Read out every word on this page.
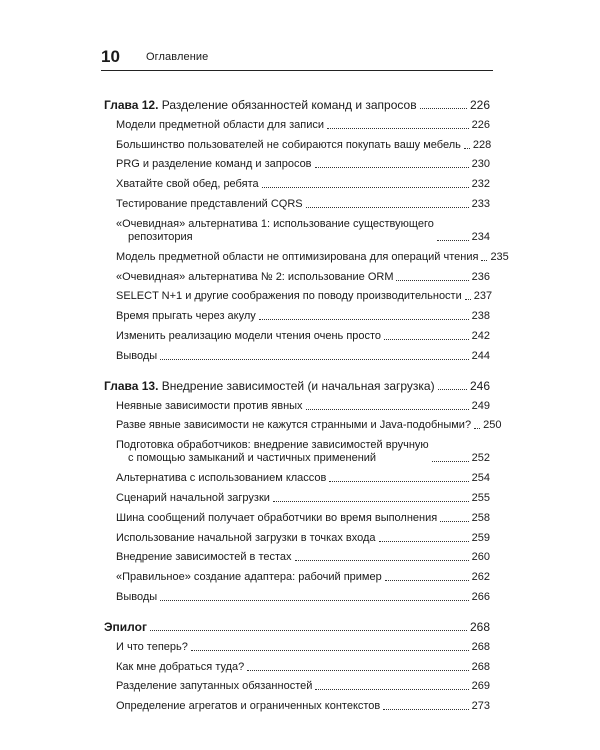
10 Оглавление
Глава 12. Разделение обязанностей команд и запросов	226
Модели предметной области для записи	226
Большинство пользователей не собираются покупать вашу мебель 228
PRG и разделение команд и запросов	230
Хватайте свой обед, ребята	232
Тестирование представлений CQRS	233
«Очевидная» альтернатива 1: использование существующего
репозитория	234
Модель предметной области не оптимизирована для операций чтения 235
«Очевидная» альтернатива № 2: использование ORM	236
SELECT N+1 и другие соображения по поводу производительности 237
Время прыгать через акулу	238
Изменить реализацию модели чтения очень просто	242
Выводы	244
Глава 13. Внедрение зависимостей (и начальная загрузка)	246
Неявные зависимости против явных	249
Разве явные зависимости не кажутся странными и Java-подобными? 250
Подготовка обработчиков: внедрение зависимостей вручную
с помощью замыканий и частичных применений	252
Альтернатива с использованием классов	254
Сценарий начальной загрузки	255
Шина сообщений получает обработчики во время выполнения	258
Использование начальной загрузки в точках входа	259
Внедрение зависимостей в тестах	260
«Правильное» создание адаптера: рабочий пример	262
Выводы	266
Эпилог	268
И что теперь?	268
Как мне добраться туда?	268
Разделение запутанных обязанностей	269
Определение агрегатов и ограниченных контекстов	273
